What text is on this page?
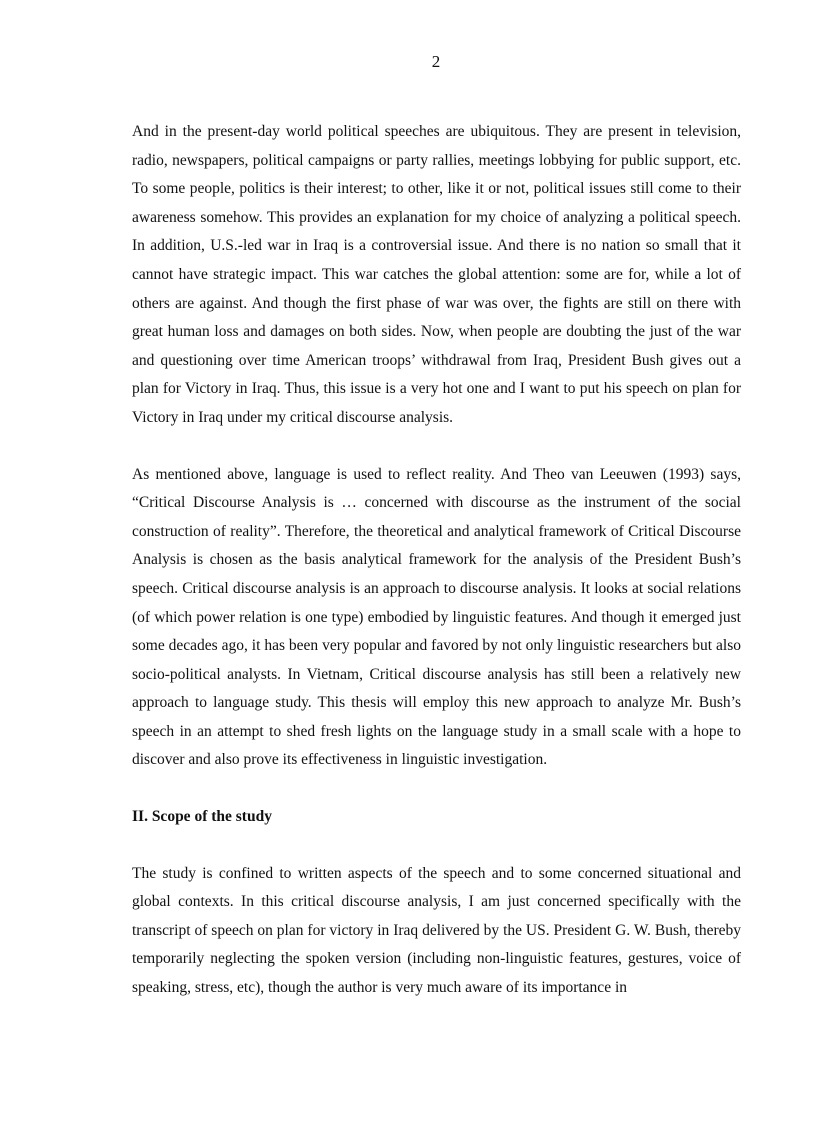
2

And in the present-day world political speeches are ubiquitous. They are present in television, radio, newspapers, political campaigns or party rallies, meetings lobbying for public support, etc. To some people, politics is their interest; to other, like it or not, political issues still come to their awareness somehow. This provides an explanation for my choice of analyzing a political speech. In addition, U.S.-led war in Iraq is a controversial issue. And there is no nation so small that it cannot have strategic impact. This war catches the global attention: some are for, while a lot of others are against. And though the first phase of war was over, the fights are still on there with great human loss and damages on both sides. Now, when people are doubting the just of the war and questioning over time American troops’ withdrawal from Iraq, President Bush gives out a plan for Victory in Iraq. Thus, this issue is a very hot one and I want to put his speech on plan for Victory in Iraq under my critical discourse analysis.

As mentioned above, language is used to reflect reality. And Theo van Leeuwen (1993) says, “Critical Discourse Analysis is … concerned with discourse as the instrument of the social construction of reality”. Therefore, the theoretical and analytical framework of Critical Discourse Analysis is chosen as the basis analytical framework for the analysis of the President Bush’s speech. Critical discourse analysis is an approach to discourse analysis. It looks at social relations (of which power relation is one type) embodied by linguistic features. And though it emerged just some decades ago, it has been very popular and favored by not only linguistic researchers but also socio-political analysts. In Vietnam, Critical discourse analysis has still been a relatively new approach to language study. This thesis will employ this new approach to analyze Mr. Bush’s speech in an attempt to shed fresh lights on the language study in a small scale with a hope to discover and also prove its effectiveness in linguistic investigation.

II. Scope of the study

The study is confined to written aspects of the speech and to some concerned situational and global contexts. In this critical discourse analysis, I am just concerned specifically with the transcript of speech on plan for victory in Iraq delivered by the US. President G. W. Bush, thereby temporarily neglecting the spoken version (including non-linguistic features, gestures, voice of speaking, stress, etc), though the author is very much aware of its importance in
